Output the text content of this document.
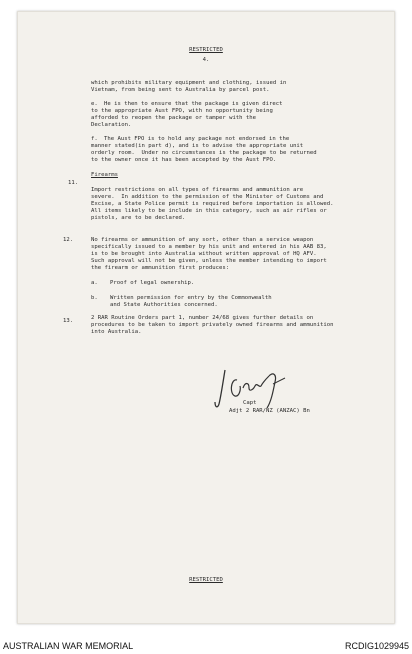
RESTRICTED
4.
which prohibits military equipment and clothing, issued in
Vietnam, from being sent to Australia by parcel post.
e. He is then to ensure that the package is given direct
to the appropriate Aust FPO, with no opportunity being
afforded to reopen the package or tamper with the
Declaration.
f. The Aust FPO is to hold any package not endorsed in the
manner stated(in part d), and is to advise the appropriate unit
orderly room.  Under no circumstances is the package to be returned
to the owner once it has been accepted by the Aust FPO.
11.
Firearms
Import restrictions on all types of firearms and ammunition are
severe.  In addition to the permission of the Minister of Customs and
Excise, a State Police permit is required before importation is allowed.
All items likely to be include in this category, such as air rifles or
pistols, are to be declared.
12.	No firearms or ammunition of any sort, other than a service weapon
specifically issued to a member by his unit and entered in his AAB 83,
is to be brought into Australia without written approval of HQ AFV.
Such approval will not be given, unless the member intending to import
the firearm or ammunition first produces:
a. Proof of legal ownership.
b. Written permission for entry by the Commonwealth
and State Authorities concerned.
13.	2 RAR Routine Orders part 1, number 24/68 gives further details on
procedures to be taken to import privately owned firearms and ammunition
into Australia.
Capt
Adjt 2 RAR/NZ (ANZAC) Bn
RESTRICTED
AUSTRALIAN WAR MEMORIAL	RCDIG1029945
